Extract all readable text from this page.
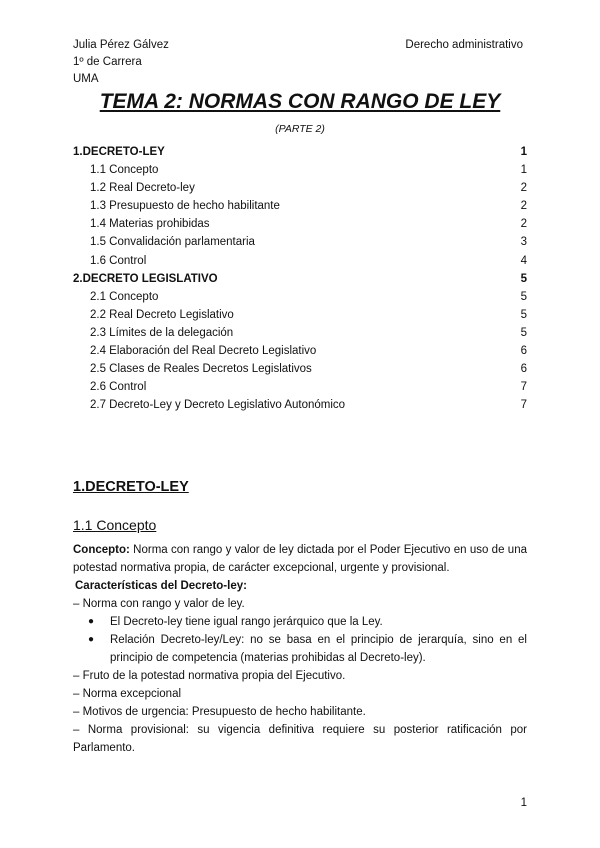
Julia Pérez Gálvez
1º de Carrera
UMA
Derecho administrativo
TEMA 2: NORMAS CON RANGO DE LEY
(PARTE 2)
1.DECRETO-LEY	1
1.1 Concepto	1
1.2 Real Decreto-ley	2
1.3 Presupuesto de hecho habilitante	2
1.4 Materias prohibidas	2
1.5 Convalidación parlamentaria	3
1.6 Control	4
2.DECRETO LEGISLATIVO	5
2.1 Concepto	5
2.2 Real Decreto Legislativo	5
2.3 Límites de la delegación	5
2.4 Elaboración del Real Decreto Legislativo	6
2.5 Clases de Reales Decretos Legislativos	6
2.6 Control	7
2.7 Decreto-Ley y Decreto Legislativo Autonómico	7
1.DECRETO-LEY
1.1 Concepto

Concepto: Norma con rango y valor de ley dictada por el Poder Ejecutivo en uso de una potestad normativa propia, de carácter excepcional, urgente y provisional.

Características del Decreto-ley:

– Norma con rango y valor de ley.

● El Decreto-ley tiene igual rango jerárquico que la Ley.
● Relación Decreto-ley/Ley: no se basa en el principio de jerarquía, sino en el principio de competencia (materias prohibidas al Decreto-ley).

– Fruto de la potestad normativa propia del Ejecutivo.

– Norma excepcional

– Motivos de urgencia: Presupuesto de hecho habilitante.

– Norma provisional: su vigencia definitiva requiere su posterior ratificación por Parlamento.

1
